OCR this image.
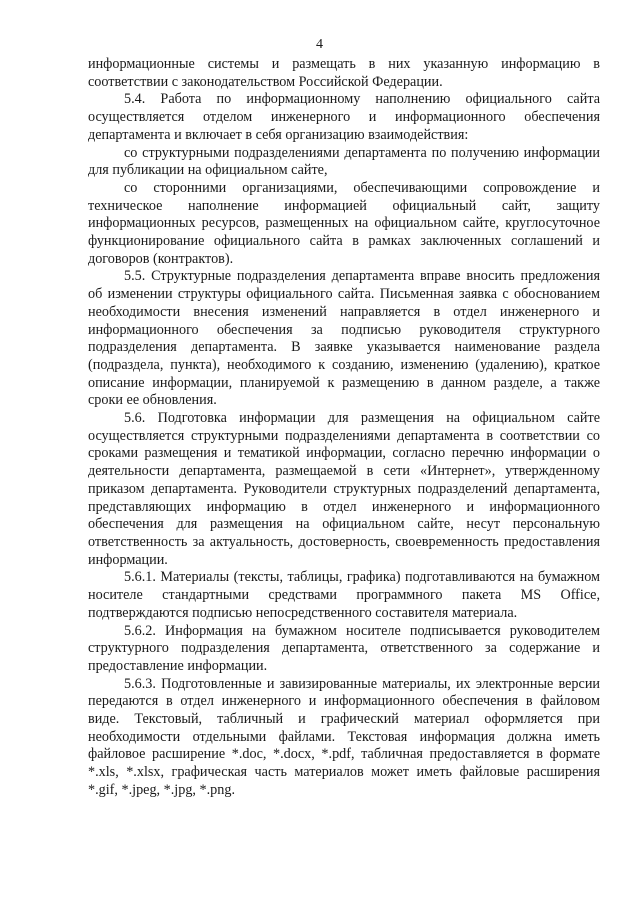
4

информационные системы и размещать в них указанную информацию в соответствии с законодательством Российской Федерации.

5.4. Работа по информационному наполнению официального сайта осуществляется отделом инженерного и информационного обеспечения департамента и включает в себя организацию взаимодействия:

со структурными подразделениями департамента по получению информации для публикации на официальном сайте,

со сторонними организациями, обеспечивающими сопровождение и техническое наполнение информацией официальный сайт, защиту информационных ресурсов, размещенных на официальном сайте, круглосуточное функционирование официального сайта в рамках заключенных соглашений и договоров (контрактов).

5.5. Структурные подразделения департамента вправе вносить предложения об изменении структуры официального сайта. Письменная заявка с обоснованием необходимости внесения изменений направляется в отдел инженерного и информационного обеспечения за подписью руководителя структурного подразделения департамента. В заявке указывается наименование раздела (подраздела, пункта), необходимого к созданию, изменению (удалению), краткое описание информации, планируемой к размещению в данном разделе, а также сроки ее обновления.

5.6. Подготовка информации для размещения на официальном сайте осуществляется структурными подразделениями департамента в соответствии со сроками размещения и тематикой информации, согласно перечню информации о деятельности департамента, размещаемой в сети «Интернет», утвержденному приказом департамента. Руководители структурных подразделений департамента, представляющих информацию в отдел инженерного и информационного обеспечения для размещения на официальном сайте, несут персональную ответственность за актуальность, достоверность, своевременность предоставления информации.

5.6.1. Материалы (тексты, таблицы, графика) подготавливаются на бумажном носителе стандартными средствами программного пакета MS Office, подтверждаются подписью непосредственного составителя материала.

5.6.2. Информация на бумажном носителе подписывается руководителем структурного подразделения департамента, ответственного за содержание и предоставление информации.

5.6.3. Подготовленные и завизированные материалы, их электронные версии передаются в отдел инженерного и информационного обеспечения в файловом виде. Текстовый, табличный и графический материал оформляется при необходимости отдельными файлами. Текстовая информация должна иметь файловое расширение *.doc, *.docx, *.pdf, табличная предоставляется в формате *.xls, *.xlsx, графическая часть материалов может иметь файловые расширения *.gif, *.jpeg, *.jpg, *.png.
